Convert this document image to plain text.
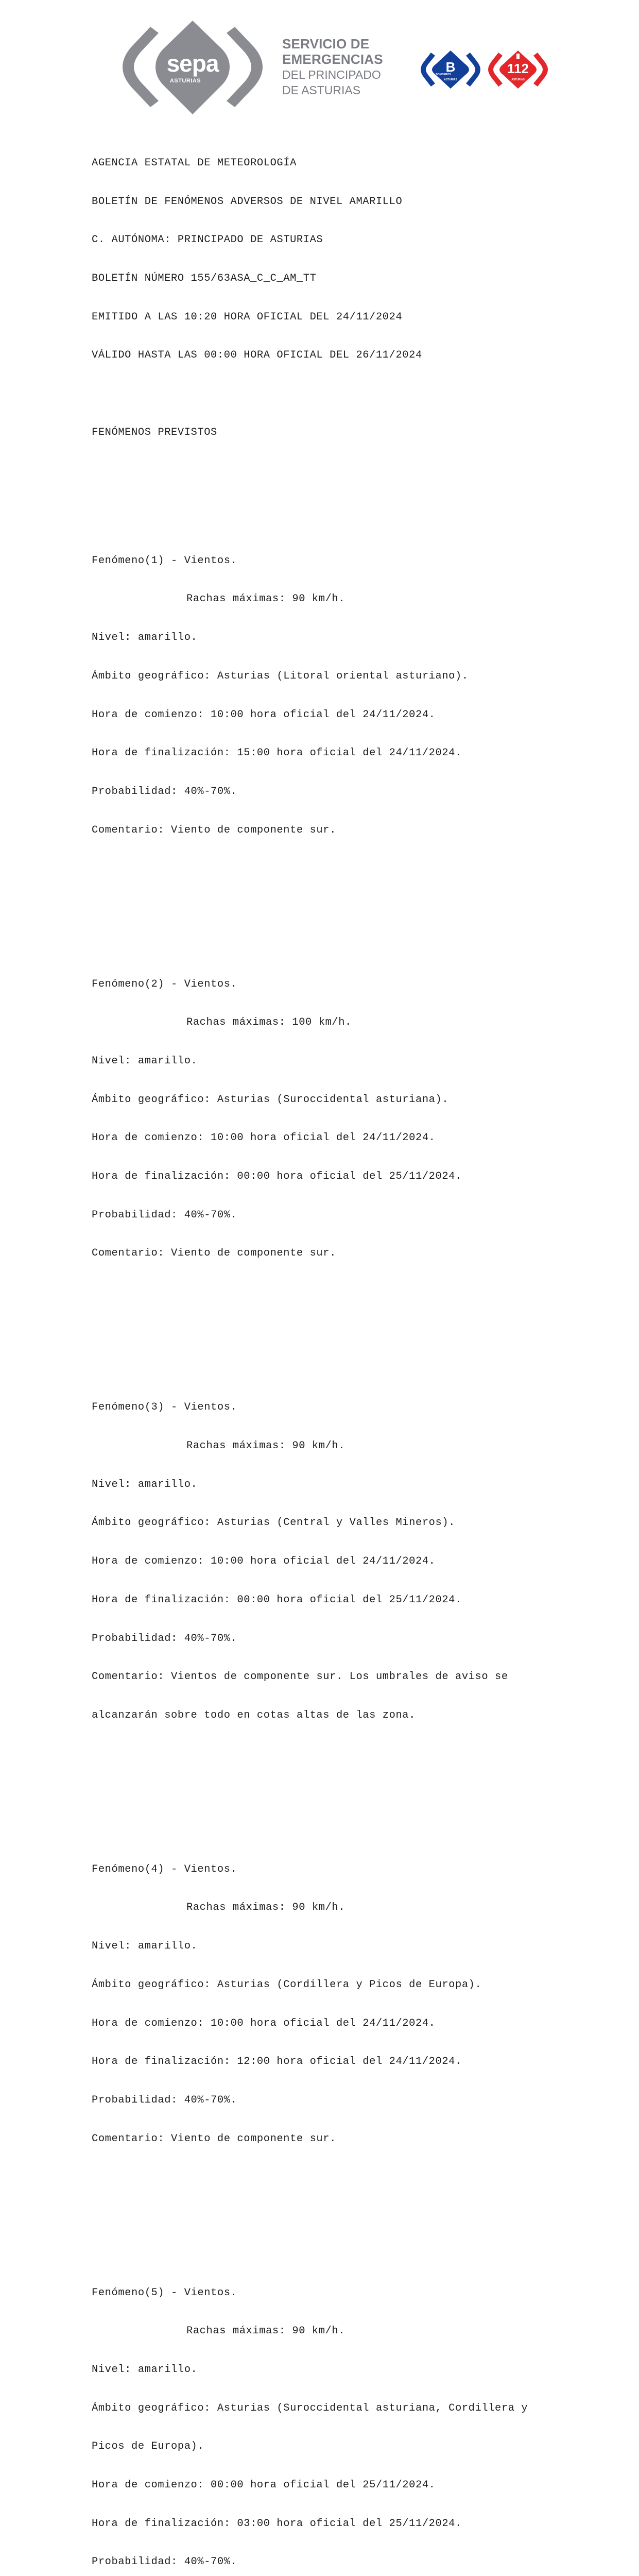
sepa
ASTURIAS
SERVICIO DE
EMERGENCIAS
DEL PRINCIPADO
DE ASTURIAS
B
BOMBEROS
ASTURIAS
112
ASTURIAS

AGENCIA ESTATAL DE METEOROLOGÍA

BOLETÍN DE FENÓMENOS ADVERSOS DE NIVEL AMARILLO

C. AUTÓNOMA: PRINCIPADO DE ASTURIAS

BOLETÍN NÚMERO 155/63ASA_C_C_AM_TT

EMITIDO A LAS 10:20 HORA OFICIAL DEL 24/11/2024

VÁLIDO HASTA LAS 00:00 HORA OFICIAL DEL 26/11/2024

FENÓMENOS PREVISTOS

Fenómeno(1) - Vientos.

Rachas máximas: 90 km/h.

Nivel: amarillo.

Ámbito geográfico: Asturias (Litoral oriental asturiano).

Hora de comienzo: 10:00 hora oficial del 24/11/2024.

Hora de finalización: 15:00 hora oficial del 24/11/2024.

Probabilidad: 40%-70%.

Comentario: Viento de componente sur.

Fenómeno(2) - Vientos.

Rachas máximas: 100 km/h.

Nivel: amarillo.

Ámbito geográfico: Asturias (Suroccidental asturiana).

Hora de comienzo: 10:00 hora oficial del 24/11/2024.

Hora de finalización: 00:00 hora oficial del 25/11/2024.

Probabilidad: 40%-70%.

Comentario: Viento de componente sur.

Fenómeno(3) - Vientos.

Rachas máximas: 90 km/h.

Nivel: amarillo.

Ámbito geográfico: Asturias (Central y Valles Mineros).

Hora de comienzo: 10:00 hora oficial del 24/11/2024.

Hora de finalización: 00:00 hora oficial del 25/11/2024.

Probabilidad: 40%-70%.

Comentario: Vientos de componente sur. Los umbrales de aviso se

alcanzarán sobre todo en cotas altas de las zona.

Fenómeno(4) - Vientos.

Rachas máximas: 90 km/h.

Nivel: amarillo.

Ámbito geográfico: Asturias (Cordillera y Picos de Europa).

Hora de comienzo: 10:00 hora oficial del 24/11/2024.

Hora de finalización: 12:00 hora oficial del 24/11/2024.

Probabilidad: 40%-70%.

Comentario: Viento de componente sur.

Fenómeno(5) - Vientos.

Rachas máximas: 90 km/h.

Nivel: amarillo.

Ámbito geográfico: Asturias (Suroccidental asturiana, Cordillera y

Picos de Europa).

Hora de comienzo: 00:00 hora oficial del 25/11/2024.

Hora de finalización: 03:00 hora oficial del 25/11/2024.

Probabilidad: 40%-70%.
